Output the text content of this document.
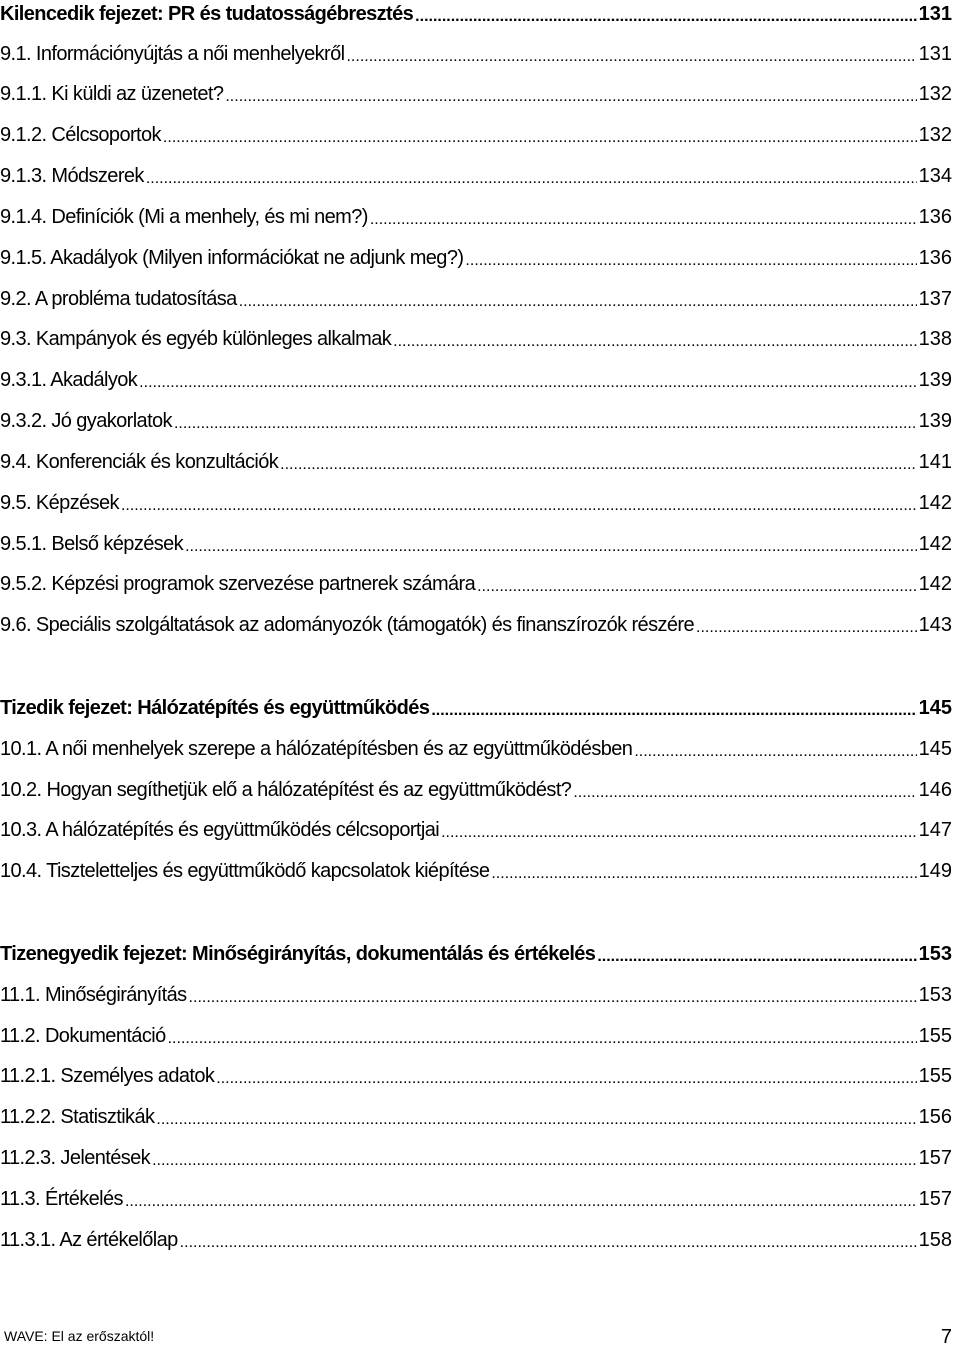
Kilencedik fejezet: PR és tudatosságébresztés .....	131
9.1. Információnyújtás a női menhelyekről .....	131
9.1.1. Ki küldi az üzenetet? .....	132
9.1.2. Célcsoportok .....	132
9.1.3. Módszerek .....	134
9.1.4. Definíciók (Mi a menhely, és mi nem?) .....	136
9.1.5. Akadályok (Milyen információkat ne adjunk meg?) .....	136
9.2. A probléma tudatosítása .....	137
9.3. Kampányok és egyéb különleges alkalmak .....	138
9.3.1. Akadályok .....	139
9.3.2. Jó gyakorlatok .....	139
9.4. Konferenciák és konzultációk .....	141
9.5. Képzések .....	142
9.5.1. Belső képzések .....	142
9.5.2. Képzési programok szervezése partnerek számára .....	142
9.6. Speciális szolgáltatások az adományozók (támogatók) és finanszírozók részére .....	143
Tizedik fejezet: Hálózatépítés és együttműködés .....	145
10.1. A női menhelyek szerepe a hálózatépítésben és az együttműködésben .....	145
10.2. Hogyan segíthetjük elő a hálózatépítést és az együttműködést? .....	146
10.3. A hálózatépítés és együttműködés célcsoportjai .....	147
10.4. Tiszteletteljes és együttműködő kapcsolatok kiépítése .....	149
Tizenegyedik fejezet: Minőségirányítás, dokumentálás és értékelés .....	153
11.1. Minőségirányítás .....	153
11.2. Dokumentáció .....	155
11.2.1. Személyes adatok .....	155
11.2.2. Statisztikák .....	156
11.2.3. Jelentések .....	157
11.3. Értékelés .....	157
11.3.1. Az értékelőlap .....	158
WAVE: El az erőszaktól!	7
